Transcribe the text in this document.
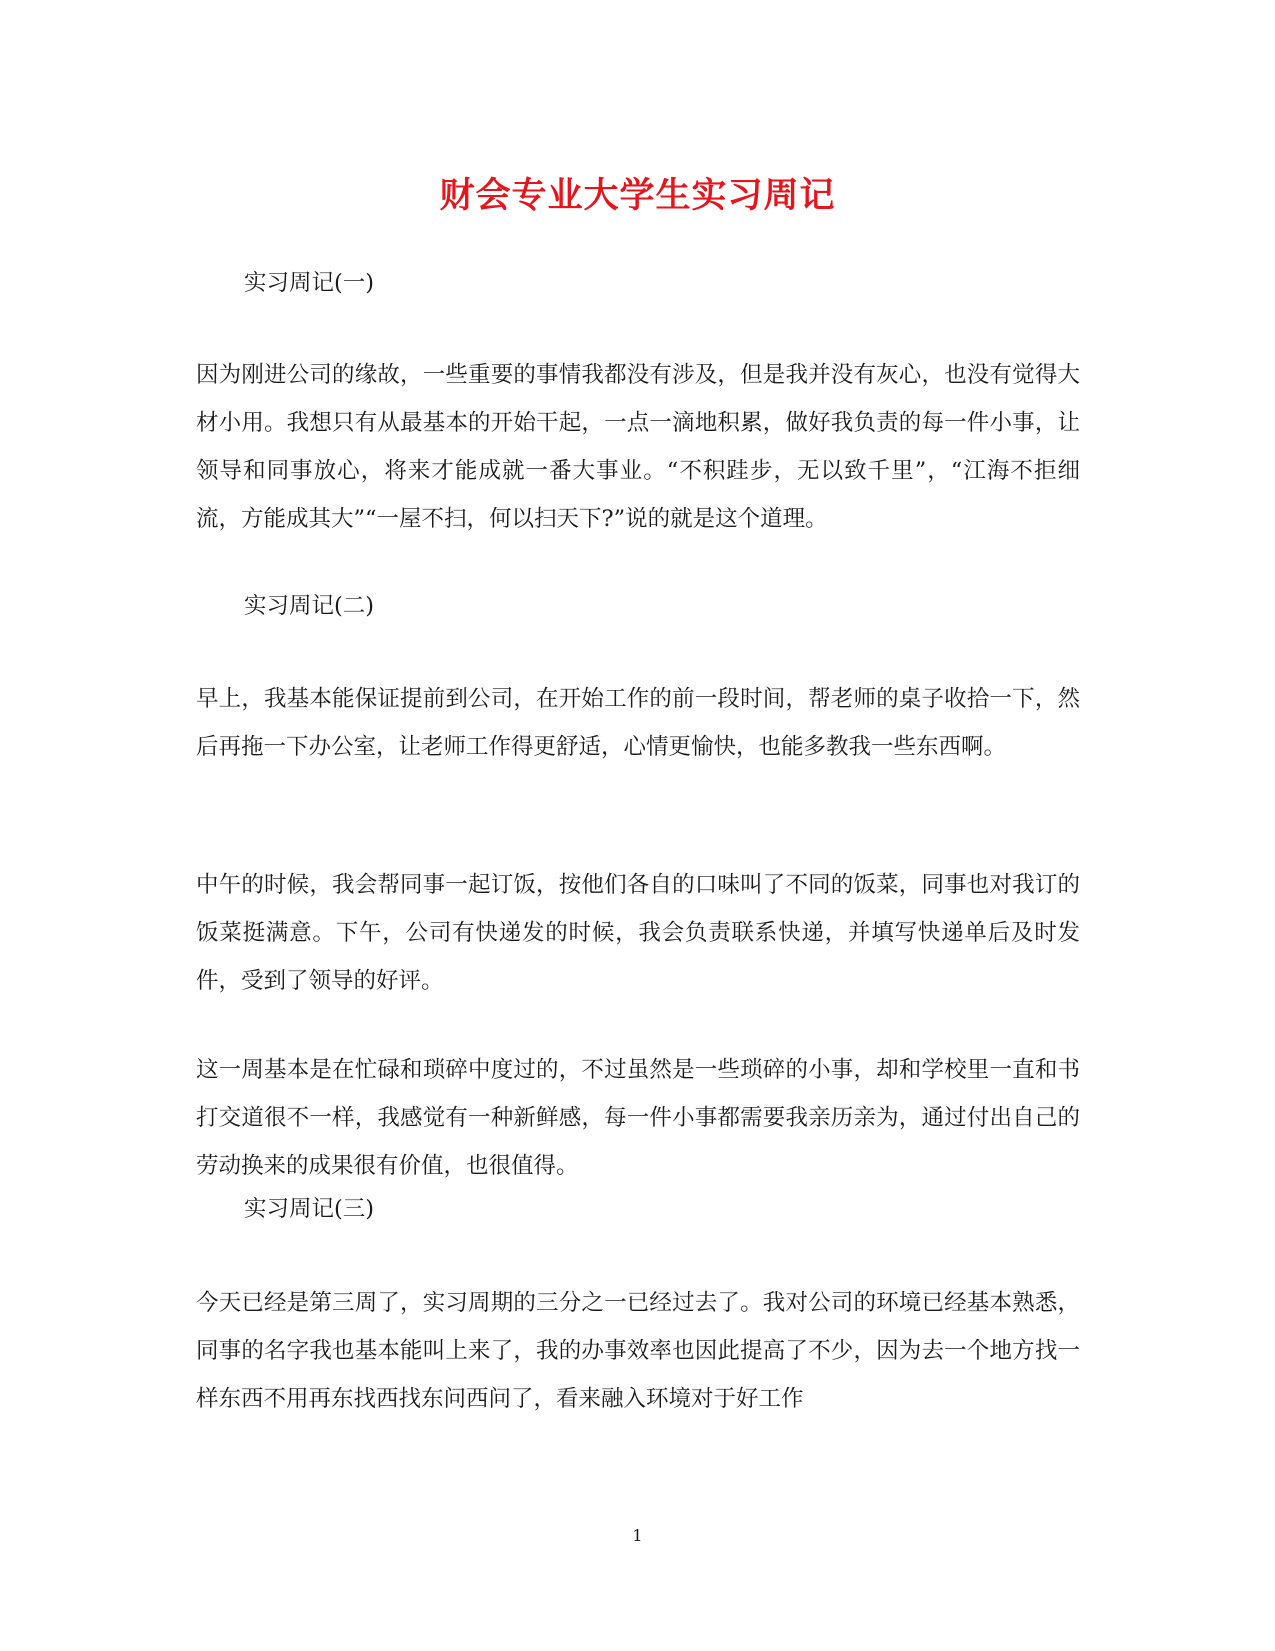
财会专业大学生实习周记

实习周记(一)

因为刚进公司的缘故，一些重要的事情我都没有涉及，但是我并没有灰心，也没有觉得大材小用。我想只有从最基本的开始干起，一点一滴地积累，做好我负责的每一件小事，让领导和同事放心，将来才能成就一番大事业。“不积跬步，无以致千里”，“江海不拒细流，方能成其大”“一屋不扫，何以扫天下?”说的就是这个道理。

实习周记(二)

早上，我基本能保证提前到公司，在开始工作的前一段时间，帮老师的桌子收拾一下，然后再拖一下办公室，让老师工作得更舒适，心情更愉快，也能多教我一些东西啊。

中午的时候，我会帮同事一起订饭，按他们各自的口味叫了不同的饭菜，同事也对我订的饭菜挺满意。下午，公司有快递发的时候，我会负责联系快递，并填写快递单后及时发件，受到了领导的好评。

这一周基本是在忙碌和琐碎中度过的，不过虽然是一些琐碎的小事，却和学校里一直和书打交道很不一样，我感觉有一种新鲜感，每一件小事都需要我亲历亲为，通过付出自己的劳动换来的成果很有价值，也很值得。

实习周记(三)

今天已经是第三周了，实习周期的三分之一已经过去了。我对公司的环境已经基本熟悉，同事的名字我也基本能叫上来了，我的办事效率也因此提高了不少，因为去一个地方找一样东西不用再东找西找东问西问了，看来融入环境对于好工作

1
